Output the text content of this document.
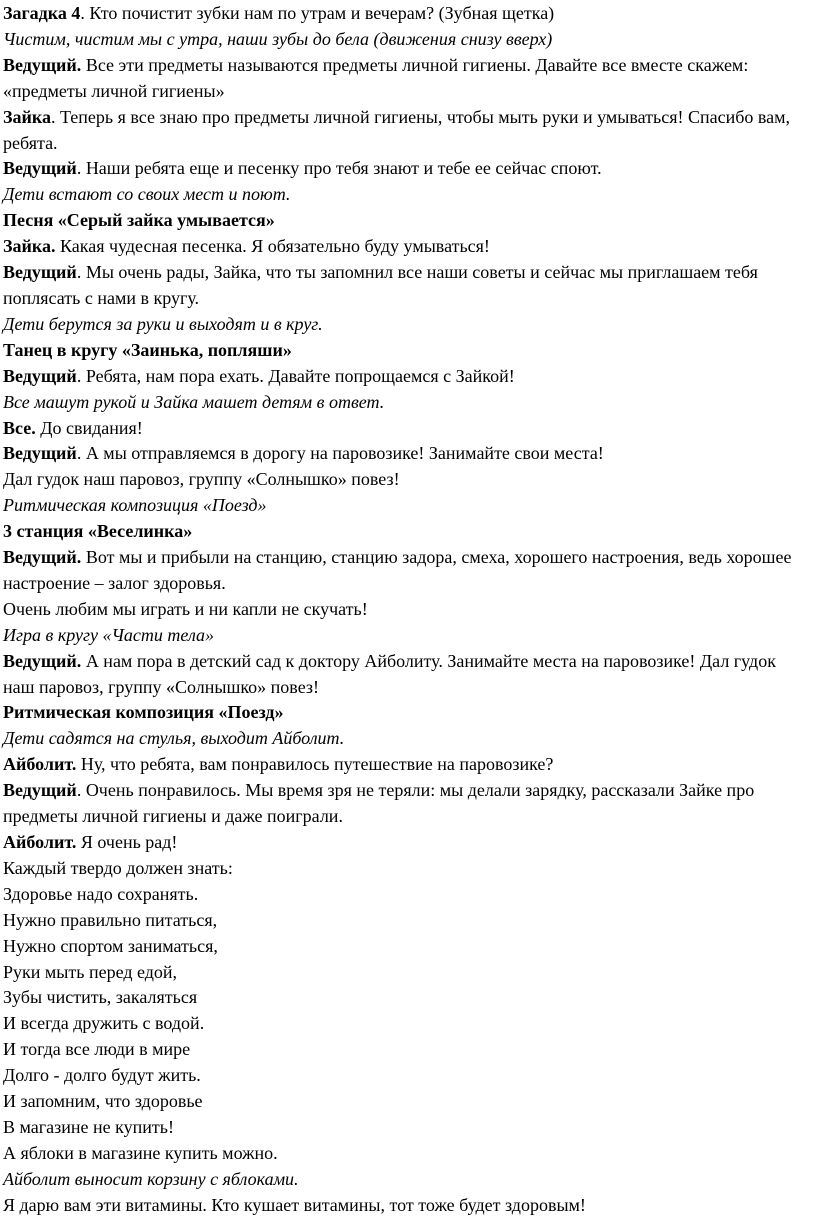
Загадка 4. Кто почистит зубки нам по утрам и вечерам? (Зубная щетка)

Чистим, чистим мы с утра, наши зубы до бела (движения снизу вверх)

Ведущий. Все эти предметы называются предметы личной гигиены. Давайте все вместе скажем: «предметы личной гигиены»

Зайка. Теперь я все знаю про предметы личной гигиены, чтобы мыть руки и умываться! Спасибо вам, ребята.

Ведущий. Наши ребята еще и песенку про тебя знают и тебе ее сейчас споют.

Дети встают со своих мест и поют.

Песня «Серый зайка умывается»

Зайка. Какая чудесная песенка. Я обязательно буду умываться!

Ведущий. Мы очень рады, Зайка, что ты запомнил все наши советы и сейчас мы приглашаем тебя поплясать с нами в кругу.

Дети берутся за руки и выходят и в круг.

Танец в кругу «Заинька, попляши»

Ведущий. Ребята, нам пора ехать. Давайте попрощаемся с Зайкой!

Все машут рукой и Зайка машет детям в ответ.

Все. До свидания!

Ведущий. А мы отправляемся в дорогу на паровозике! Занимайте свои места!

Дал гудок наш паровоз, группу «Солнышко» повез!

Ритмическая композиция «Поезд»

3 станция «Веселинка»

Ведущий. Вот мы и прибыли на станцию, станцию задора, смеха, хорошего настроения, ведь хорошее настроение – залог здоровья.

Очень любим мы играть и ни капли не скучать!

Игра в кругу «Части тела»

Ведущий. А нам пора в детский сад к доктору Айболиту. Занимайте места на паровозике! Дал гудок наш паровоз, группу «Солнышко» повез!

Ритмическая композиция «Поезд»

Дети садятся на стулья, выходит Айболит.

Айболит. Ну, что ребята, вам понравилось путешествие на паровозике?

Ведущий. Очень понравилось. Мы время зря не теряли: мы делали зарядку, рассказали Зайке про предметы личной гигиены и даже поиграли.

Айболит. Я очень рад!

Каждый твердо должен знать:

Здоровье надо сохранять.

Нужно правильно питаться,

Нужно спортом заниматься,

Руки мыть перед едой,

Зубы чистить, закаляться

И всегда дружить с водой.

И тогда все люди в мире

Долго - долго будут жить.

И запомним, что здоровье

В магазине не купить!

А яблоки в магазине купить можно.

Айболит выносит корзину с яблоками.

Я дарю вам эти витамины. Кто кушает витамины, тот тоже будет здоровым!
